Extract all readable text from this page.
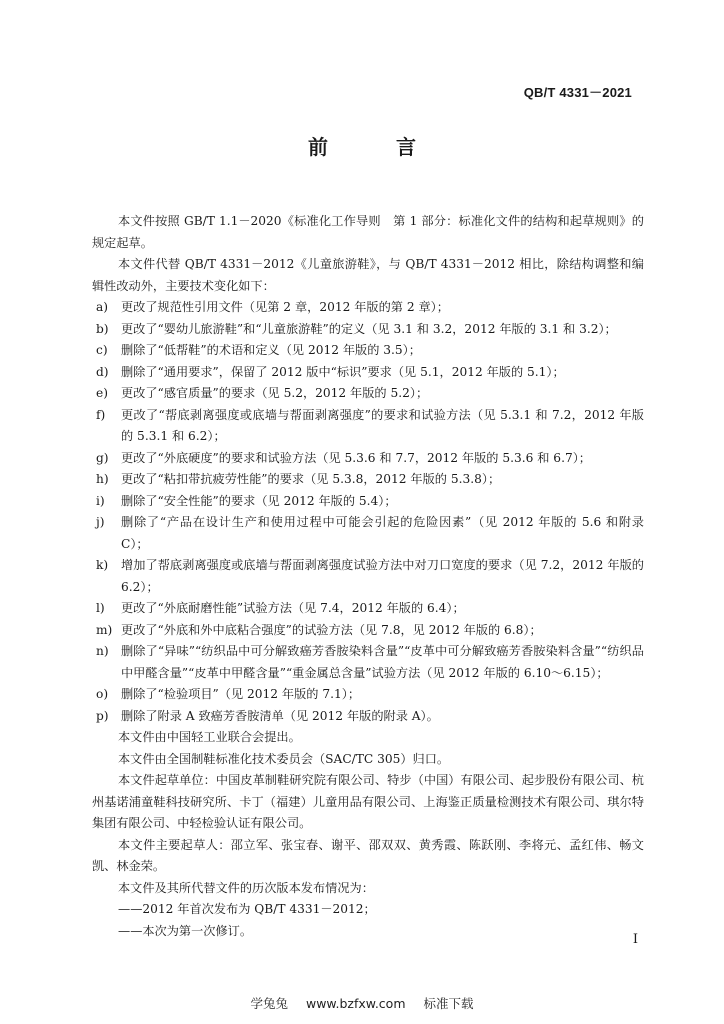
QB/T 4331－2021
前　言

本文件按照 GB/T 1.1－2020《标准化工作导则　第 1 部分：标准化文件的结构和起草规则》的规定起草。

本文件代替 QB/T 4331－2012《儿童旅游鞋》，与 QB/T 4331－2012 相比，除结构调整和编辑性改动外，主要技术变化如下：

a)	更改了规范性引用文件（见第 2 章，2012 年版的第 2 章）；
b)	更改了“婴幼儿旅游鞋”和“儿童旅游鞋”的定义（见 3.1 和 3.2，2012 年版的 3.1 和 3.2）；
c)	删除了“低帮鞋”的术语和定义（见 2012 年版的 3.5）；
d)	删除了“通用要求”，保留了 2012 版中“标识”要求（见 5.1，2012 年版的 5.1）；
e)	更改了“感官质量”的要求（见 5.2，2012 年版的 5.2）；
f)	更改了“帮底剥离强度或底墙与帮面剥离强度”的要求和试验方法（见 5.3.1 和 7.2，2012 年版的 5.3.1 和 6.2）；
g)	更改了“外底硬度”的要求和试验方法（见 5.3.6 和 7.7，2012 年版的 5.3.6 和 6.7）；
h)	更改了“粘扣带抗疲劳性能”的要求（见 5.3.8，2012 年版的 5.3.8）；
i)	删除了“安全性能”的要求（见 2012 年版的 5.4）；
j)	删除了“产品在设计生产和使用过程中可能会引起的危险因素”（见 2012 年版的 5.6 和附录 C）；
k)	增加了帮底剥离强度或底墙与帮面剥离强度试验方法中对刀口宽度的要求（见 7.2，2012 年版的 6.2）；
l)	更改了“外底耐磨性能”试验方法（见 7.4，2012 年版的 6.4）；
m) 更改了“外底和外中底粘合强度”的试验方法（见 7.8，见 2012 年版的 6.8）；
n)	删除了“异味”“纺织品中可分解致癌芳香胺染料含量”“皮革中可分解致癌芳香胺染料含量”“纺织品中甲醛含量”“皮革中甲醛含量”“重金属总含量”试验方法（见 2012 年版的 6.10～6.15）；
o)	删除了“检验项目”（见 2012 年版的 7.1）；
p)	删除了附录 A 致癌芳香胺清单（见 2012 年版的附录 A）。

本文件由中国轻工业联合会提出。

本文件由全国制鞋标准化技术委员会（SAC/TC 305）归口。

本文件起草单位：中国皮革制鞋研究院有限公司、特步（中国）有限公司、起步股份有限公司、杭州基诺浦童鞋科技研究所、卡丁（福建）儿童用品有限公司、上海鉴正质量检测技术有限公司、琪尔特集团有限公司、中轻检验认证有限公司。

本文件主要起草人：邵立军、张宝春、谢平、邵双双、黄秀霞、陈跃刚、李将元、孟红伟、畅文凯、林金荣。

本文件及其所代替文件的历次版本发布情况为：

——2012 年首次发布为 QB/T 4331－2012；

——本次为第一次修订。

I
学兔兔 www.bzfxw.com 标准下载
